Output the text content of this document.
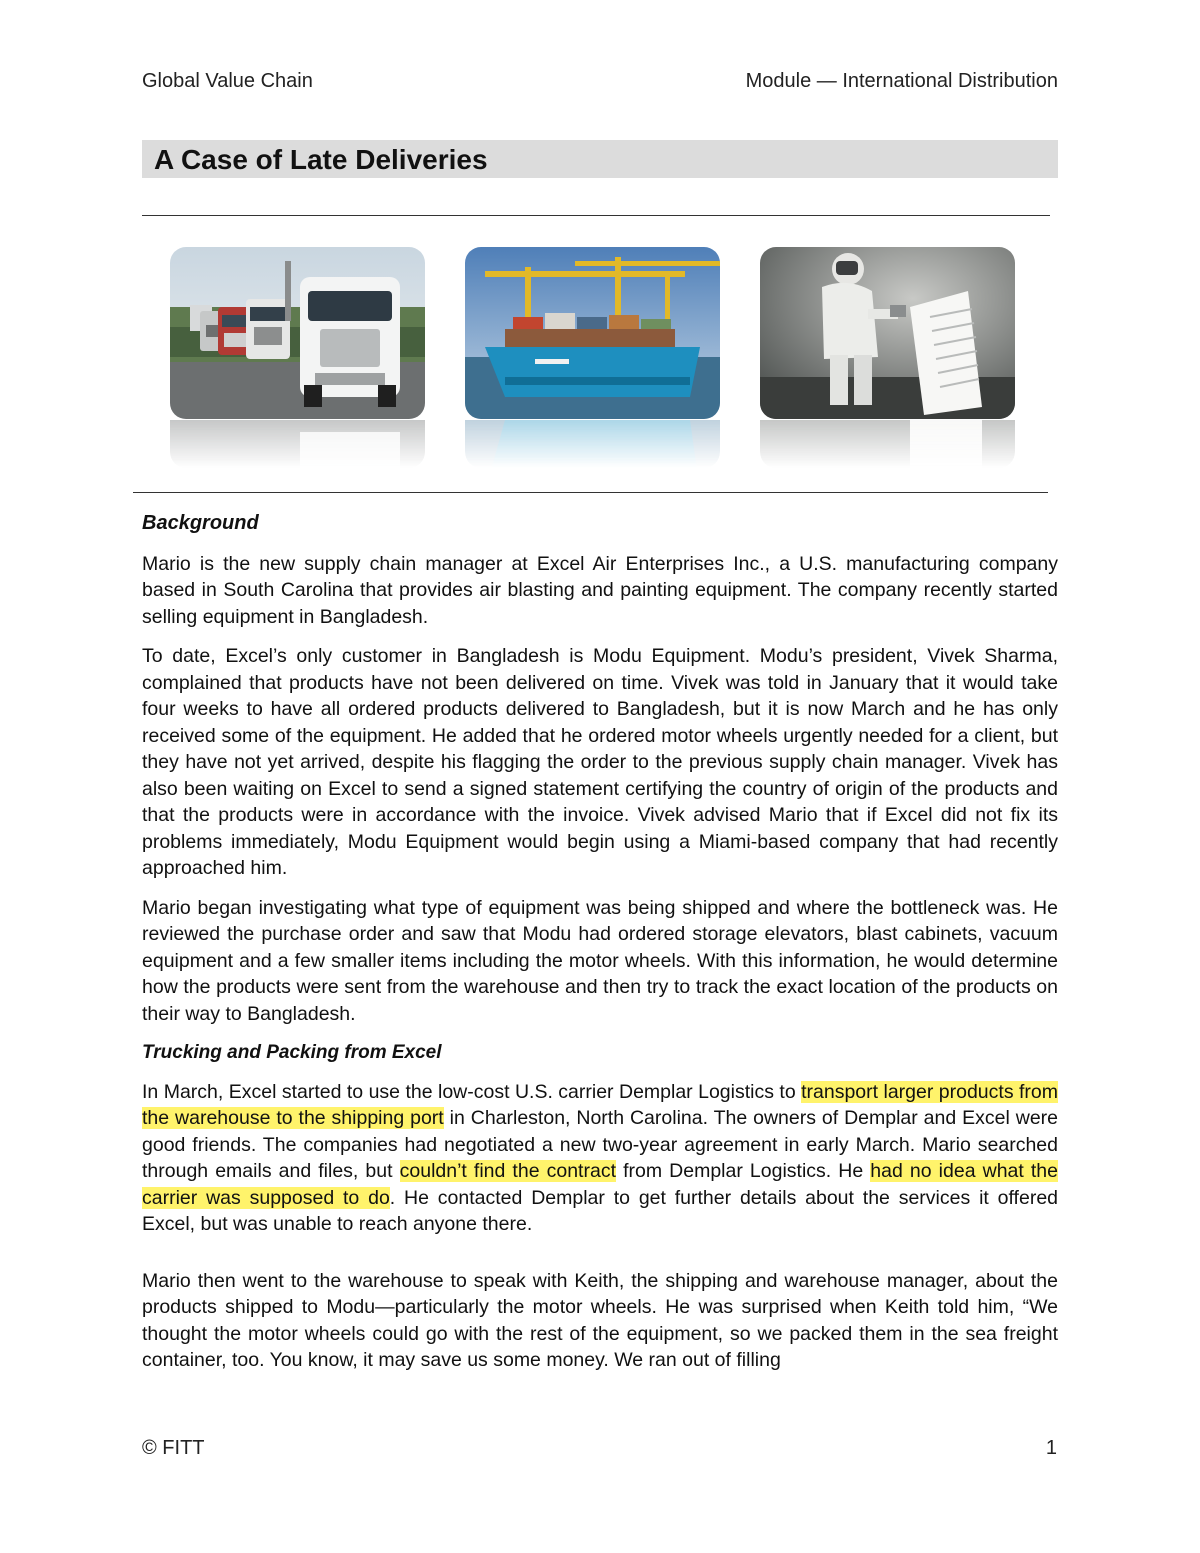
Global Value Chain	Module — International Distribution
A Case of Late Deliveries
Background

Mario is the new supply chain manager at Excel Air Enterprises Inc., a U.S. manufacturing company based in South Carolina that provides air blasting and painting equipment. The company recently started selling equipment in Bangladesh.

To date, Excel’s only customer in Bangladesh is Modu Equipment. Modu’s president, Vivek Sharma, complained that products have not been delivered on time. Vivek was told in January that it would take four weeks to have all ordered products delivered to Bangladesh, but it is now March and he has only received some of the equipment. He added that he ordered motor wheels urgently needed for a client, but they have not yet arrived, despite his flagging the order to the previous supply chain manager. Vivek has also been waiting on Excel to send a signed statement certifying the country of origin of the products and that the products were in accordance with the invoice. Vivek advised Mario that if Excel did not fix its problems immediately, Modu Equipment would begin using a Miami-based company that had recently approached him.

Mario began investigating what type of equipment was being shipped and where the bottleneck was. He reviewed the purchase order and saw that Modu had ordered storage elevators, blast cabinets, vacuum equipment and a few smaller items including the motor wheels. With this information, he would determine how the products were sent from the warehouse and then try to track the exact location of the products on their way to Bangladesh.

Trucking and Packing from Excel

In March, Excel started to use the low-cost U.S. carrier Demplar Logistics to transport larger products from the warehouse to the shipping port in Charleston, North Carolina. The owners of Demplar and Excel were good friends. The companies had negotiated a new two-year agreement in early March. Mario searched through emails and files, but couldn’t find the contract from Demplar Logistics. He had no idea what the carrier was supposed to do. He contacted Demplar to get further details about the services it offered Excel, but was unable to reach anyone there.

Mario then went to the warehouse to speak with Keith, the shipping and warehouse manager, about the products shipped to Modu—particularly the motor wheels. He was surprised when Keith told him, “We thought the motor wheels could go with the rest of the equipment, so we packed them in the sea freight container, too. You know, it may save us some money. We ran out of filling

© FITT	1
